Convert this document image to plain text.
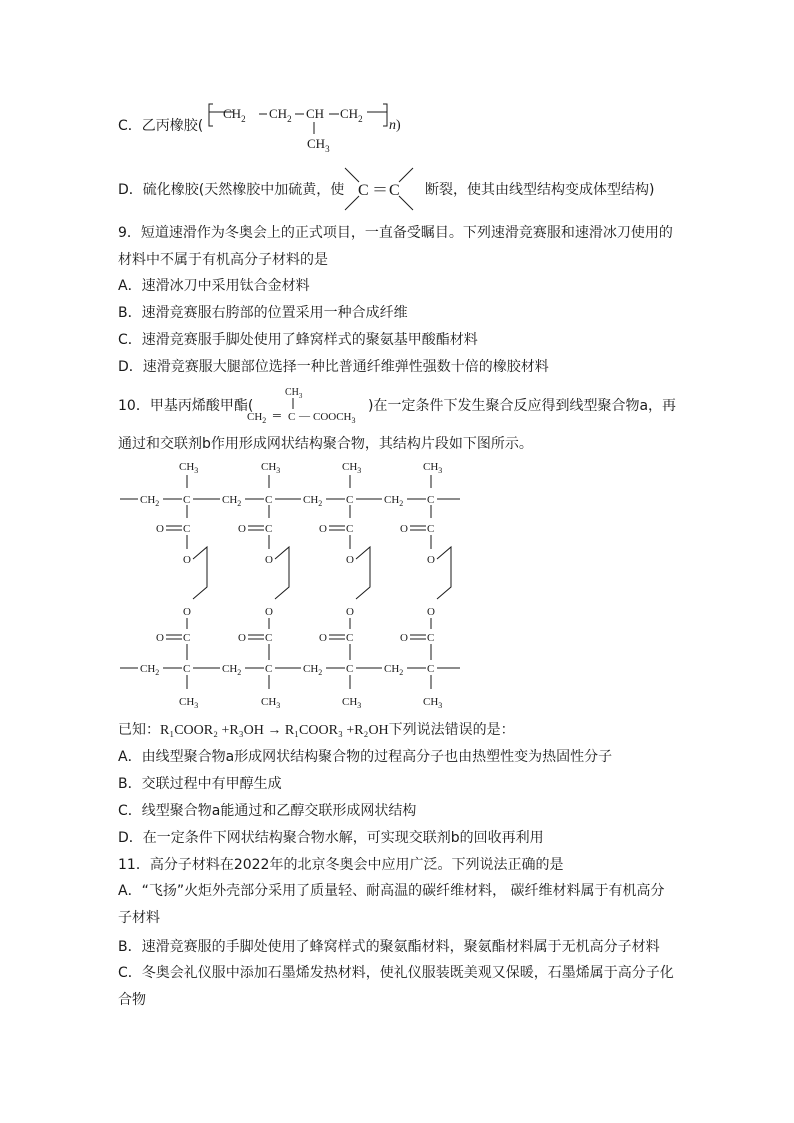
C．乙丙橡胶(
$CH_2$ $CH_2$ CH $CH_2$
$CH_3$
n)
D．硫化橡胶(天然橡胶中加硫黄，使 C ＝ C 断裂，使其由线型结构变成体型结构)
9．短道速滑作为冬奥会上的正式项目，一直备受瞩目。下列速滑竞赛服和速滑冰刀使用的
材料中不属于有机高分子材料的是
A．速滑冰刀中采用钛合金材料
B．速滑竞赛服右胯部的位置采用一种合成纤维
C．速滑竞赛服手脚处使用了蜂窝样式的聚氨基甲酸酯材料
D．速滑竞赛服大腿部位选择一种比普通纤维弹性强数十倍的橡胶材料
10．甲基丙烯酸甲酯(
$CH_3$
$CH_2$ ═ C — $COOCH_3$
)在一定条件下发生聚合反应得到线型聚合物a，再
通过和交联剂b作用形成网状结构聚合物，其结构片段如下图所示。
$CH_2$ C	$CH_2$ C	$CH_2$ C	$CH_2$ C
$CH_2$ C	$CH_2$ C	$CH_2$ C	$CH_2$ C
$CH_3$
C
O
O
O
C
O
$CH_3$
$CH_3$
C
O
O
O
C
O
$CH_3$
$CH_3$
C
O
O
O
C
O
$CH_3$
$CH_3$
C
O
O
O
C
O
$CH_3$
已知：R₁COOR₂ +R₃OH → R₁COOR₃ +R₂OH下列说法错误的是：
A．由线型聚合物a形成网状结构聚合物的过程高分子也由热塑性变为热固性分子
B．交联过程中有甲醇生成
C．线型聚合物a能通过和乙醇交联形成网状结构
D．在一定条件下网状结构聚合物水解，可实现交联剂b的回收再利用
11．高分子材料在2022年的北京冬奥会中应用广泛。下列说法正确的是
A．“飞扬”火炬外壳部分采用了质量轻、耐高温的碳纤维材料， 碳纤维材料属于有机高分
子材料
B．速滑竞赛服的手脚处使用了蜂窝样式的聚氨酯材料，聚氨酯材料属于无机高分子材料
C．冬奥会礼仪服中添加石墨烯发热材料，使礼仪服装既美观又保暖，石墨烯属于高分子化
合物
